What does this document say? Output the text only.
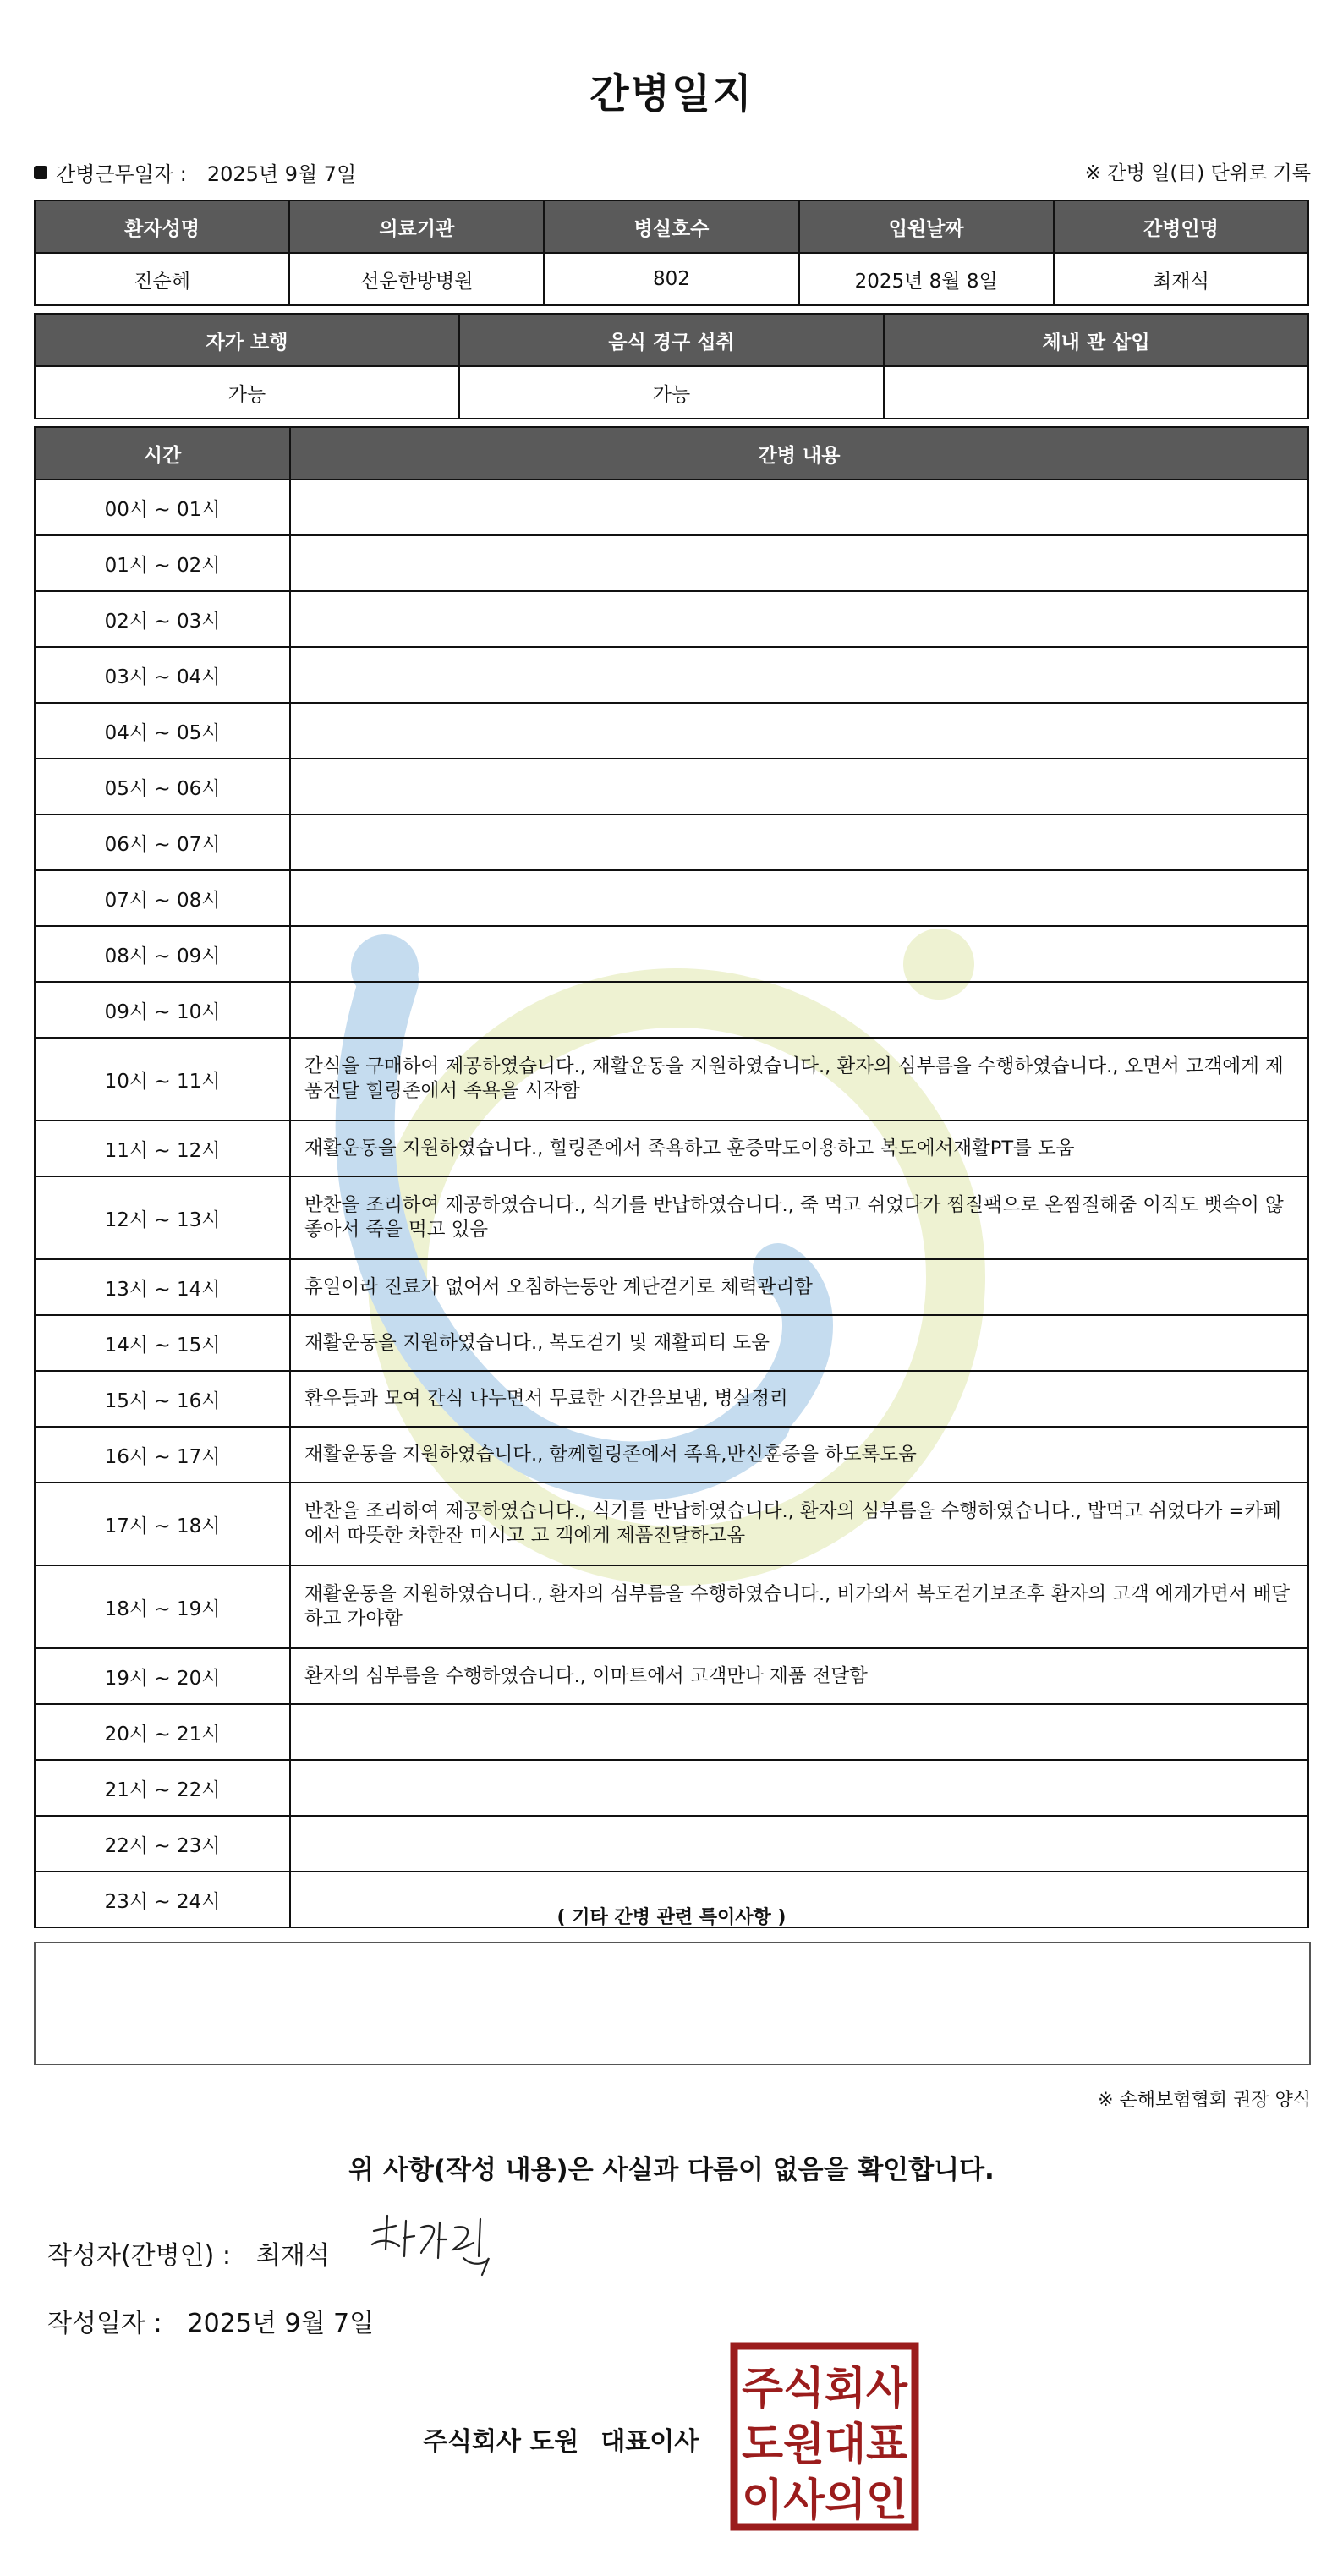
간병일지
간병근무일자 : 2025년 9월 7일	※ 간병 일(日) 단위로 기록
환자성명	의료기관	병실호수	입원날짜	간병인명
진순혜	선운한방병원	802	2025년 8월 8일	최재석
자가 보행	음식 경구 섭취	체내 관 삽입
가능	가능	
시간	간병 내용
00시 ~ 01시	
01시 ~ 02시	
02시 ~ 03시	
03시 ~ 04시	
04시 ~ 05시	
05시 ~ 06시	
06시 ~ 07시	
07시 ~ 08시	
08시 ~ 09시	
09시 ~ 10시	
10시 ~ 11시	간식을 구매하여 제공하였습니다., 재활운동을 지원하였습니다., 환자의 심부름을 수행하였습니다., 오면서 고객에게 제품전달 힐링존에서 족욕을 시작함
11시 ~ 12시	재활운동을 지원하였습니다., 힐링존에서 족욕하고 훈증막도이용하고 복도에서재활PT를 도움
12시 ~ 13시	반찬을 조리하여 제공하였습니다., 식기를 반납하였습니다., 죽 먹고 쉬었다가 찜질팩으로 온찜질해줌 이직도 뱃속이 않좋아서 죽을 먹고 있음
13시 ~ 14시	휴일이라 진료가 없어서 오침하는동안 계단걷기로 체력관리함
14시 ~ 15시	재활운동을 지원하였습니다., 복도걷기 및 재활피티 도움
15시 ~ 16시	환우들과 모여 간식 나누면서 무료한 시간을보냄, 병실정리
16시 ~ 17시	재활운동을 지원하였습니다., 함께힐링존에서 족욕,반신훈증을 하도록도움
17시 ~ 18시	반찬을 조리하여 제공하였습니다., 식기를 반납하였습니다., 환자의 심부름을 수행하였습니다., 밥먹고 쉬었다가 =카페에서 따뜻한 차한잔 미시고 고 객에게 제품전달하고옴
18시 ~ 19시	재활운동을 지원하였습니다., 환자의 심부름을 수행하였습니다., 비가와서 복도걷기보조후 환자의 고객 에게가면서 배달하고 가야함
19시 ~ 20시	환자의 심부름을 수행하였습니다., 이마트에서 고객만나 제품 전달함
20시 ~ 21시	
21시 ~ 22시	
22시 ~ 23시	
23시 ~ 24시	
( 기타 간병 관련 특이사항 )
※ 손해보험협회 권장 양식
위 사항(작성 내용)은 사실과 다름이 없음을 확인합니다.
작성자(간병인) : 최재석
작성일자 : 2025년 9월 7일
주식회사 도원 대표이사
주식회사
도원대표
이사의인
